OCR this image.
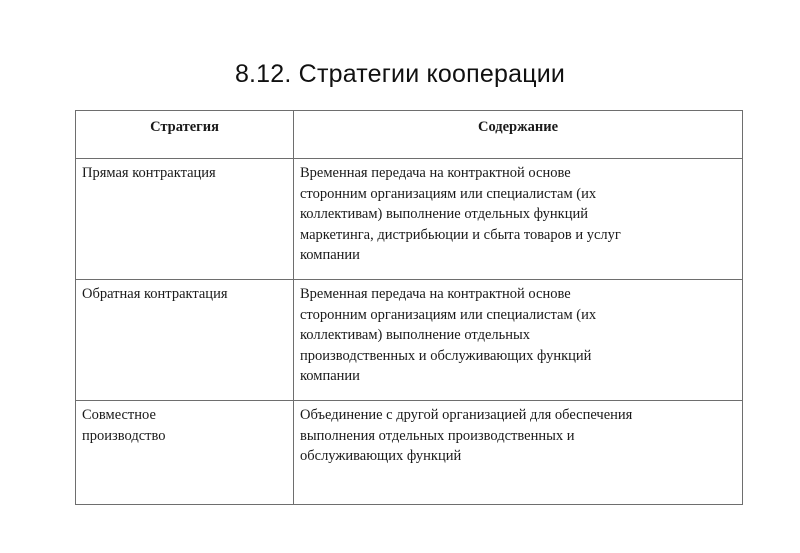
8.12. Стратегии кооперации
Стратегия	Содержание

Прямая контрактация	Временная передача на контрактной основе
сторонним организациям или специалистам (их
коллективам) выполнение отдельных функций
маркетинга, дистрибьюции и сбыта товаров и услуг
компании

Обратная контрактация	Временная передача на контрактной основе
сторонним организациям или специалистам (их
коллективам) выполнение отдельных
производственных и обслуживающих функций
компании

Совместное
производство	Объединение с другой организацией для обеспечения
выполнения отдельных производственных и
обслуживающих функций
